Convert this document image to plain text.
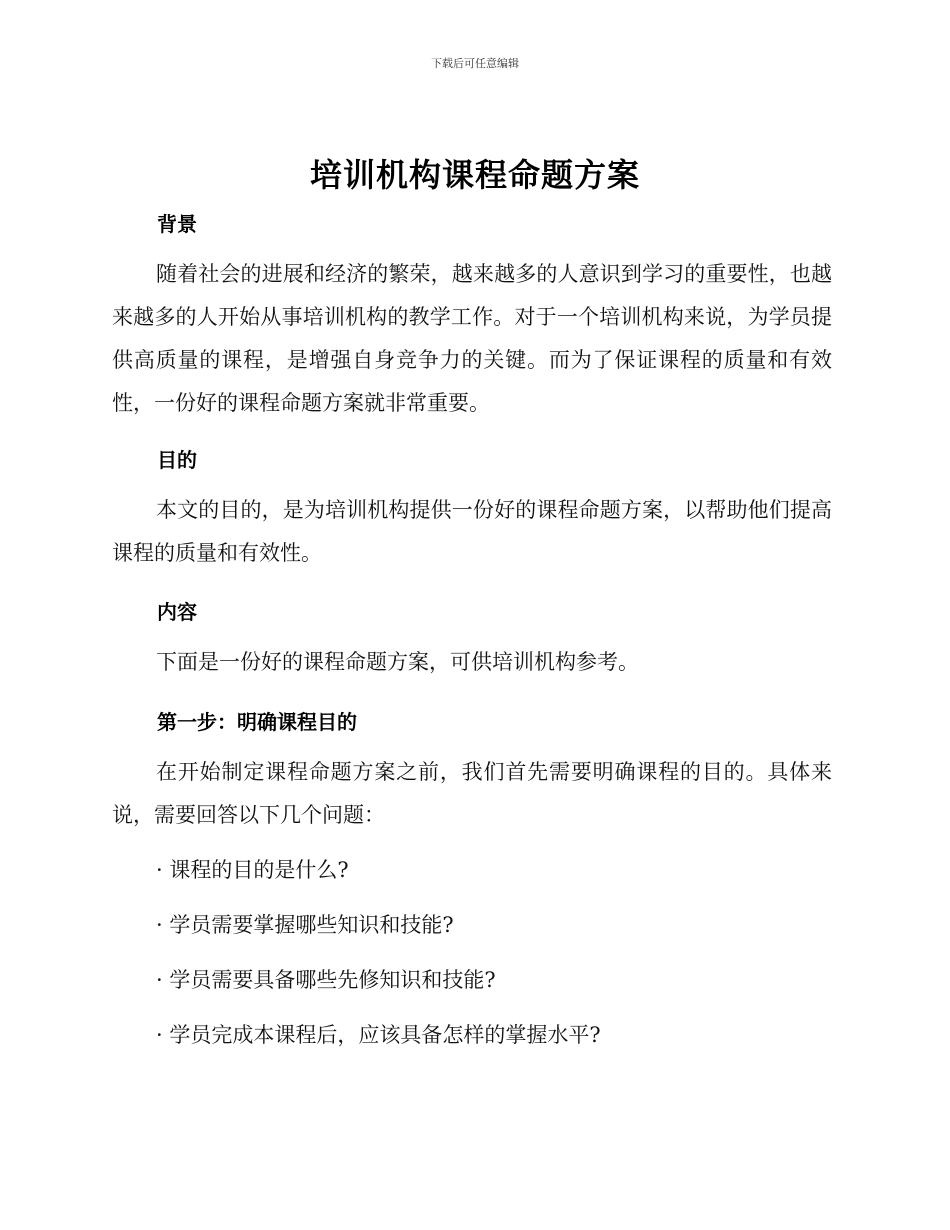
下载后可任意编辑
培训机构课程命题方案
背景
随着社会的进展和经济的繁荣，越来越多的人意识到学习的重要性，也越来越多的人开始从事培训机构的教学工作。对于一个培训机构来说，为学员提供高质量的课程，是增强自身竞争力的关键。而为了保证课程的质量和有效性，一份好的课程命题方案就非常重要。
目的
本文的目的，是为培训机构提供一份好的课程命题方案，以帮助他们提高课程的质量和有效性。
内容
下面是一份好的课程命题方案，可供培训机构参考。
第一步：明确课程目的
在开始制定课程命题方案之前，我们首先需要明确课程的目的。具体来说，需要回答以下几个问题：
· 课程的目的是什么?
· 学员需要掌握哪些知识和技能?
· 学员需要具备哪些先修知识和技能?
· 学员完成本课程后，应该具备怎样的掌握水平?
